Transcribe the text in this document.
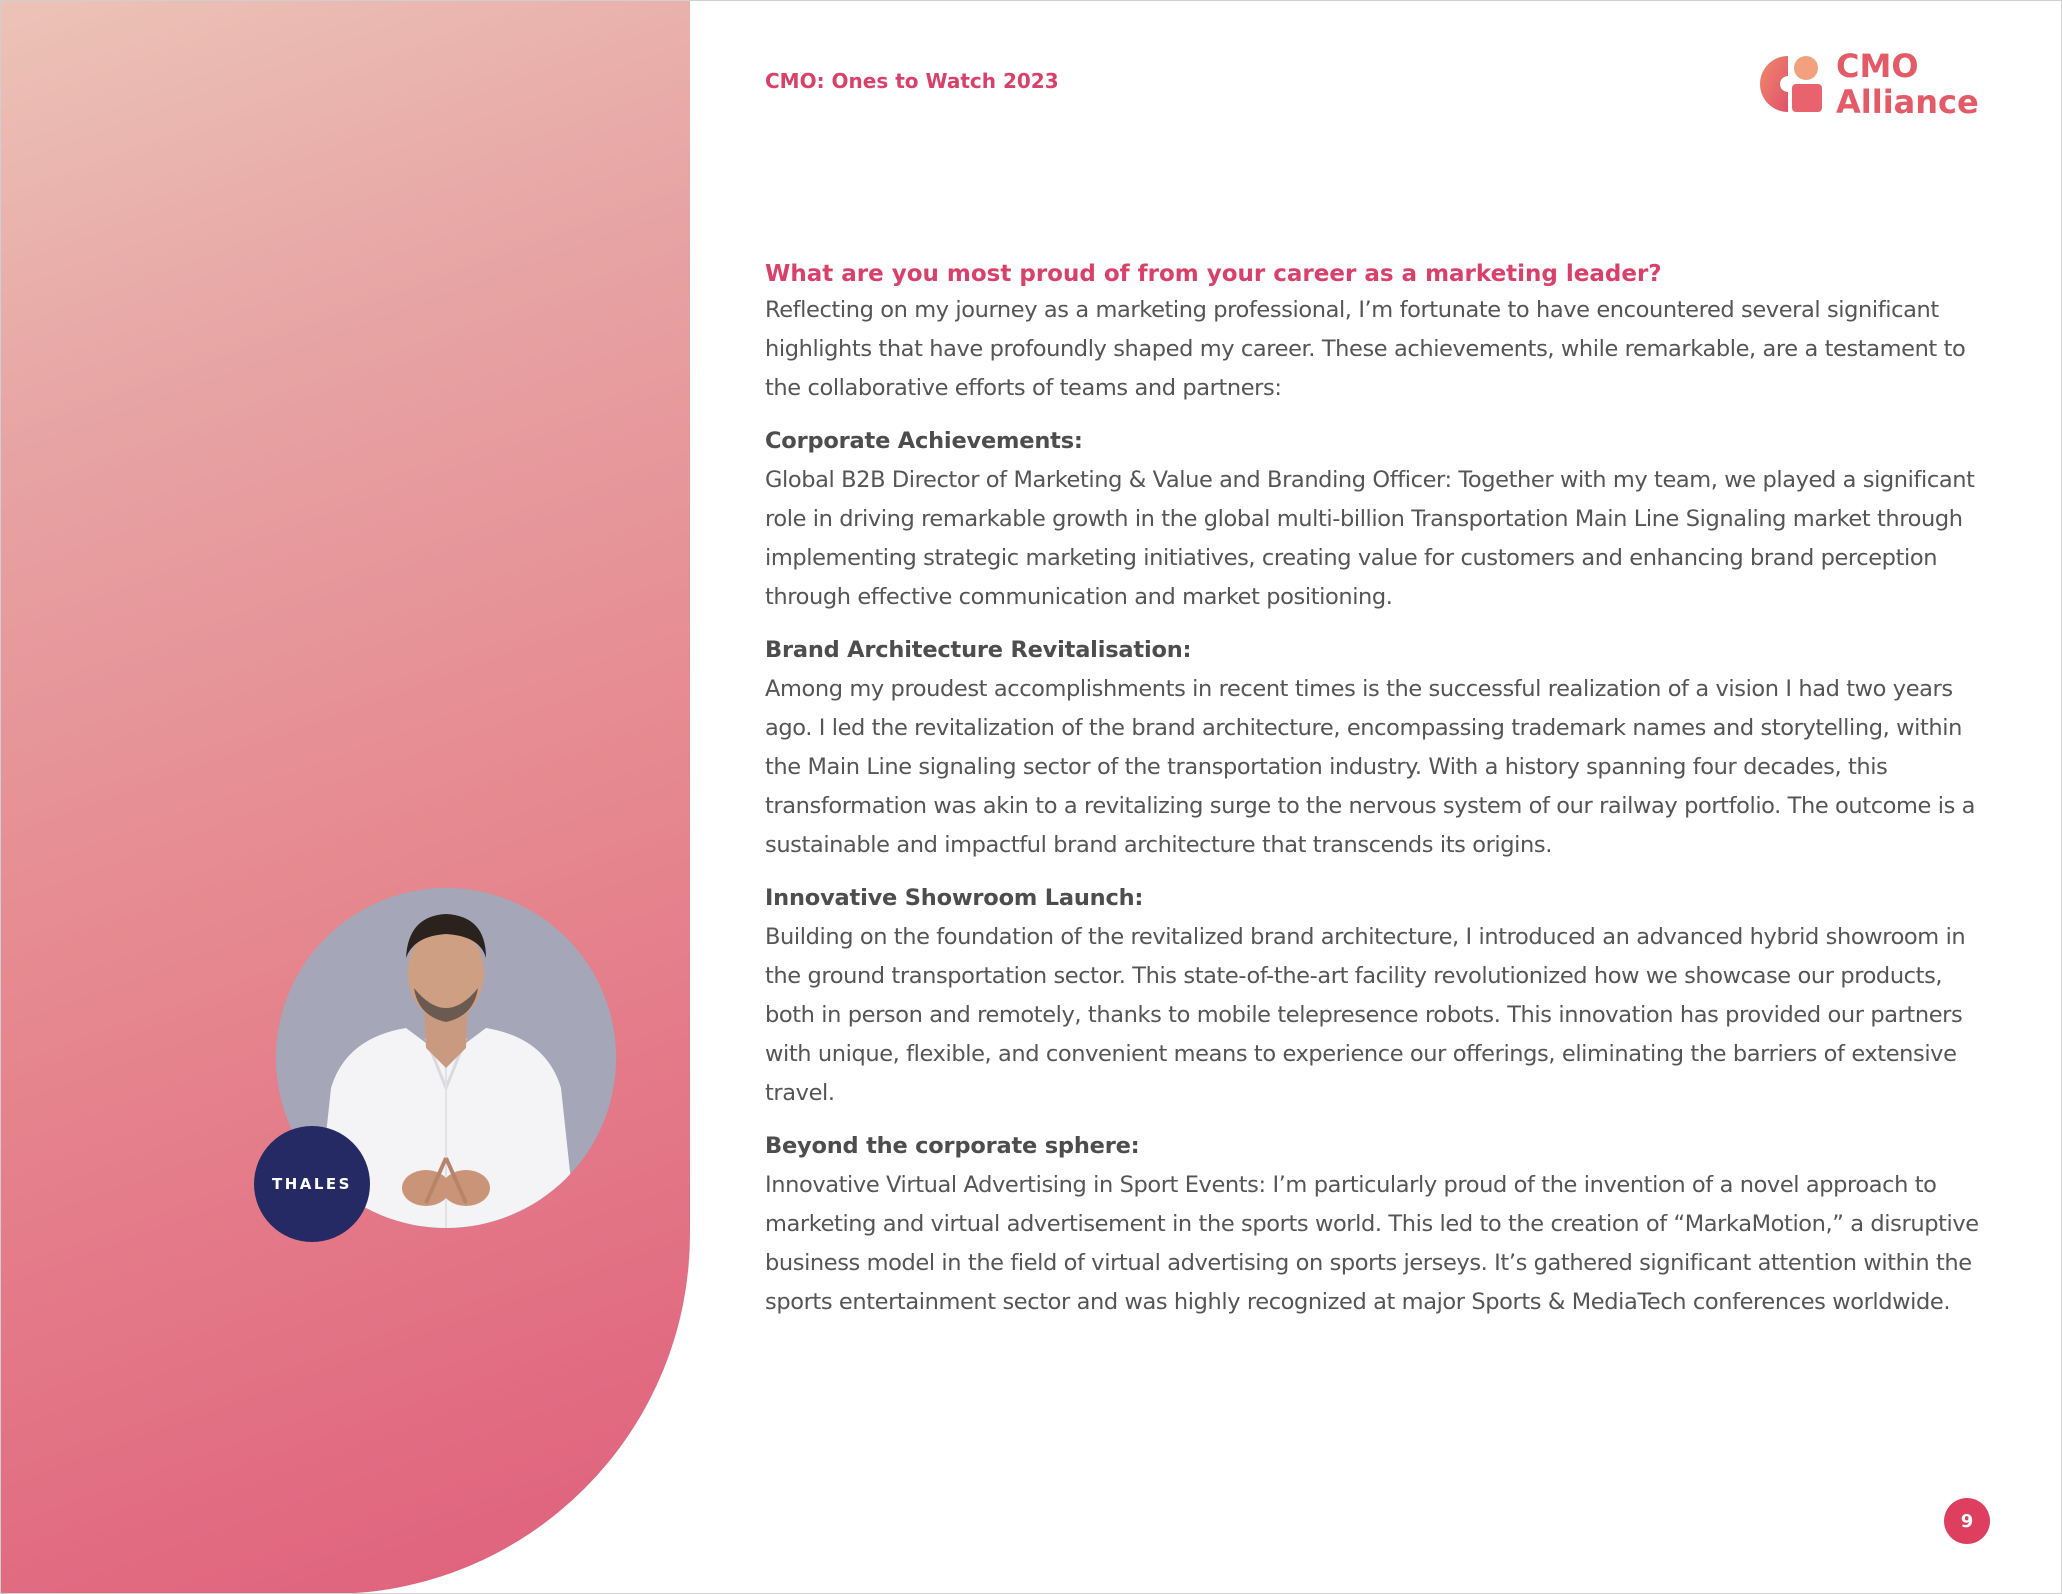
THALES
CMO: Ones to Watch 2023	CMO
Alliance
What are you most proud of from your career as a marketing leader?
Reflecting on my journey as a marketing professional, I’m fortunate to have encountered several significant highlights that have profoundly shaped my career. These achievements, while remarkable, are a testament to the collaborative efforts of teams and partners:
Corporate Achievements:
Global B2B Director of Marketing & Value and Branding Officer: Together with my team, we played a significant role in driving remarkable growth in the global multi-billion Transportation Main Line Signaling market through implementing strategic marketing initiatives, creating value for customers and enhancing brand perception through effective communication and market positioning.
Brand Architecture Revitalisation:
Among my proudest accomplishments in recent times is the successful realization of a vision I had two years ago. I led the revitalization of the brand architecture, encompassing trademark names and storytelling, within the Main Line signaling sector of the transportation industry. With a history spanning four decades, this transformation was akin to a revitalizing surge to the nervous system of our railway portfolio. The outcome is a sustainable and impactful brand architecture that transcends its origins.
Innovative Showroom Launch:
Building on the foundation of the revitalized brand architecture, I introduced an advanced hybrid showroom in the ground transportation sector. This state-of-the-art facility revolutionized how we showcase our products, both in person and remotely, thanks to mobile telepresence robots. This innovation has provided our partners with unique, flexible, and convenient means to experience our offerings, eliminating the barriers of extensive travel.
Beyond the corporate sphere:
Innovative Virtual Advertising in Sport Events: I’m particularly proud of the invention of a novel approach to marketing and virtual advertisement in the sports world. This led to the creation of “MarkaMotion,” a disruptive business model in the field of virtual advertising on sports jerseys. It’s gathered significant attention within the sports entertainment sector and was highly recognized at major Sports & MediaTech conferences worldwide.
9
